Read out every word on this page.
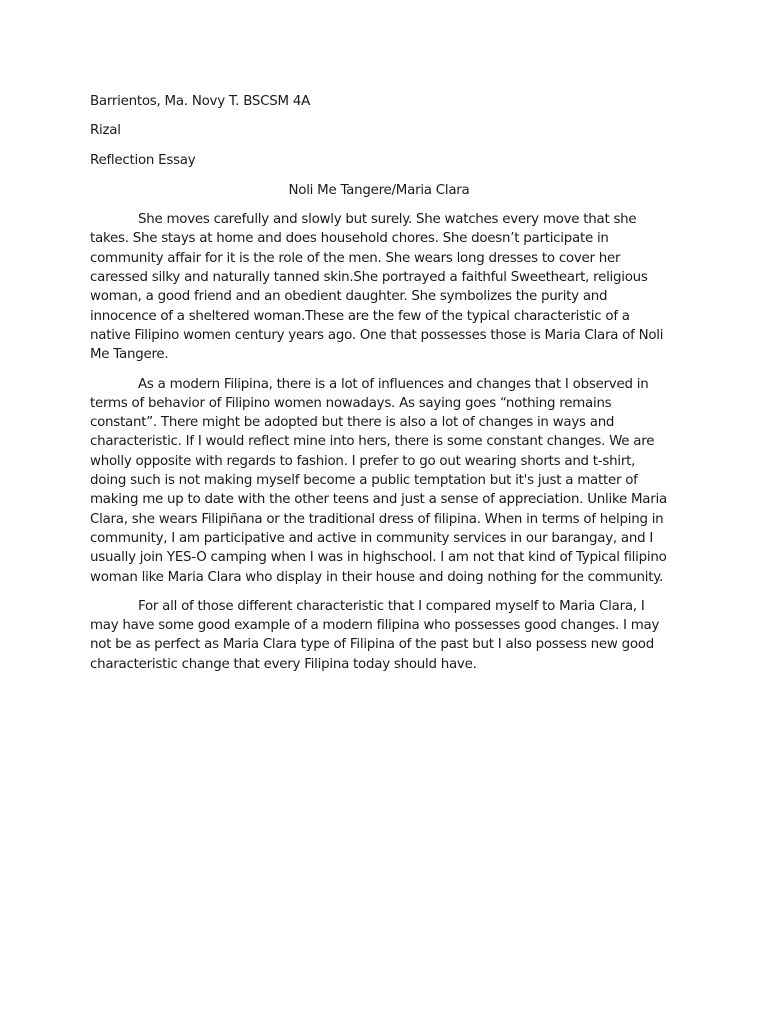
Barrientos, Ma. Novy T. BSCSM 4A

Rizal

Reflection Essay

Noli Me Tangere/Maria Clara

She moves carefully and slowly but surely. She watches every move that she takes. She stays at home and does household chores. She doesn’t participate in community affair for it is the role of the men. She wears long dresses to cover her caressed silky and naturally tanned skin.She portrayed a faithful Sweetheart, religious woman, a good friend and an obedient daughter. She symbolizes the purity and innocence of a sheltered woman.These are the few of the typical characteristic of a native Filipino women century years ago. One that possesses those is Maria Clara of Noli Me Tangere.

As a modern Filipina, there is a lot of influences and changes that I observed in terms of behavior of Filipino women nowadays. As saying goes “nothing remains constant”. There might be adopted but there is also a lot of changes in ways and characteristic. If I would reflect mine into hers, there is some constant changes. We are wholly opposite with regards to fashion. I prefer to go out wearing shorts and t-shirt, doing such is not making myself become a public temptation but it's just a matter of making me up to date with the other teens and just a sense of appreciation. Unlike Maria Clara, she wears Filipiñana or the traditional dress of filipina. When in terms of helping in community, I am participative and active in community services in our barangay, and I usually join YES-O camping when I was in highschool. I am not that kind of Typical filipino woman like Maria Clara who display in their house and doing nothing for the community.

For all of those different characteristic that I compared myself to Maria Clara, I may have some good example of a modern filipina who possesses good changes. I may not be as perfect as Maria Clara type of Filipina of the past but I also possess new good characteristic change that every Filipina today should have.
